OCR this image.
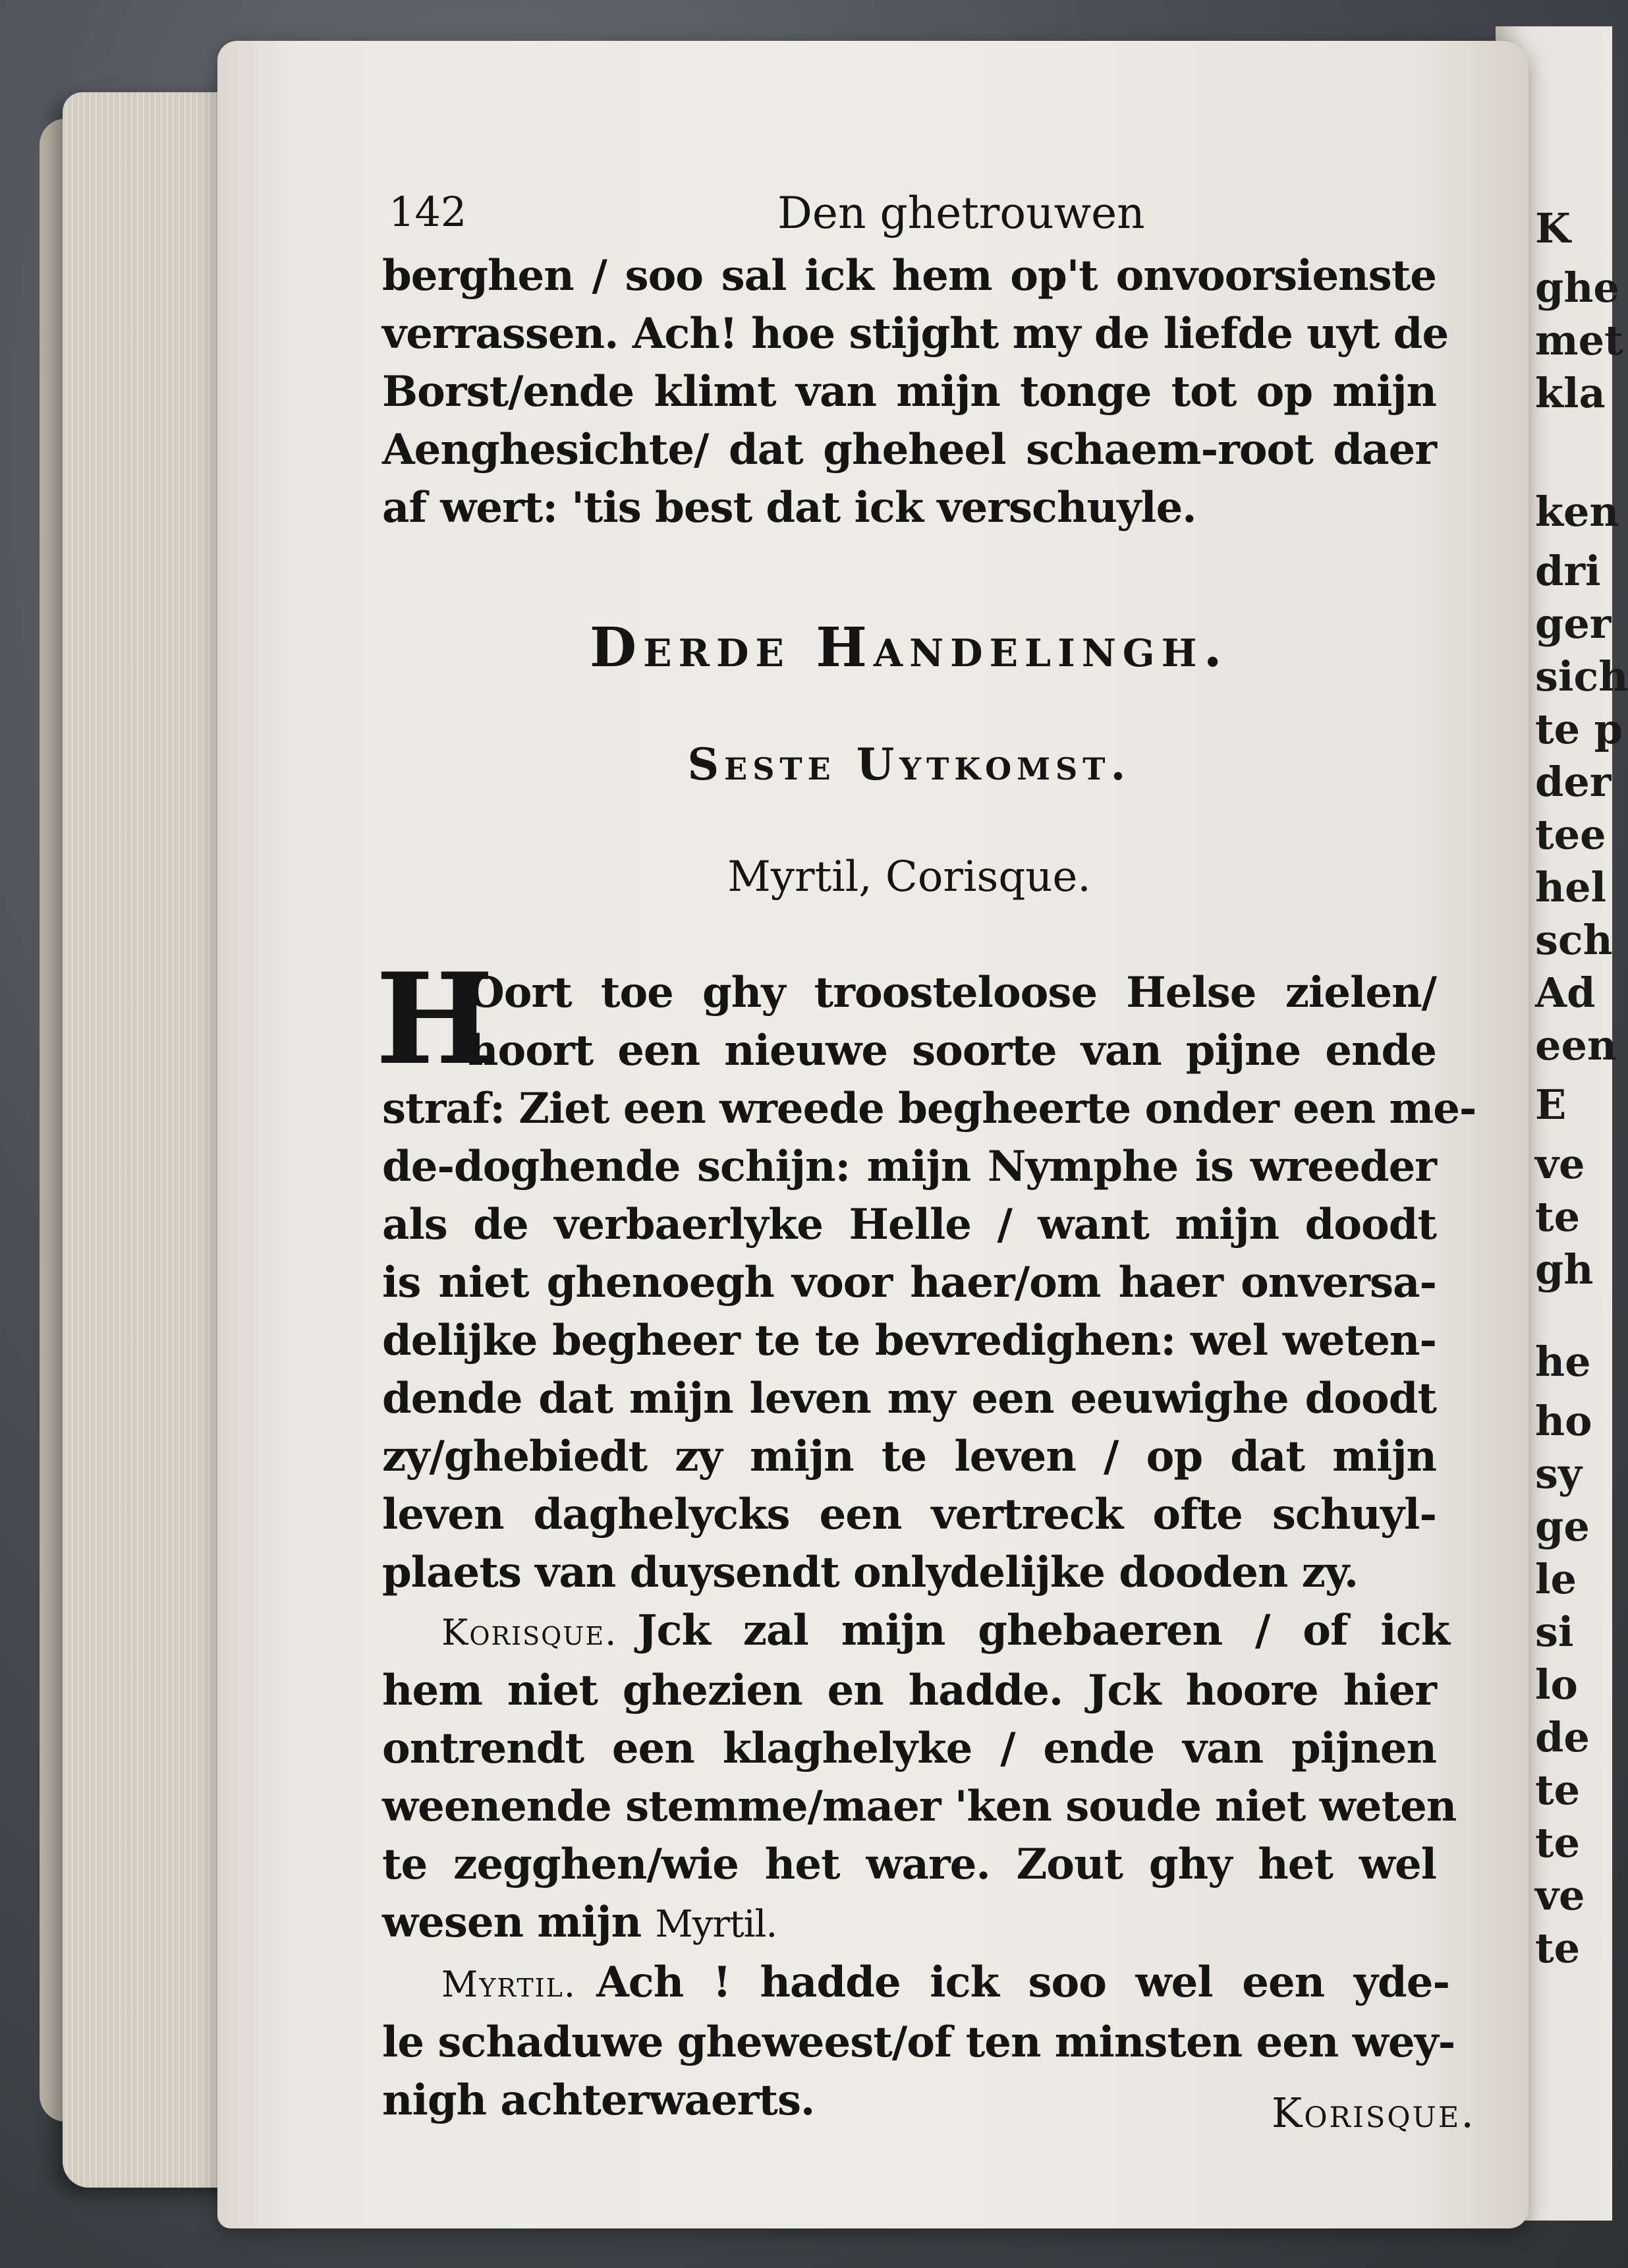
K
ghe
met
kla
ken
dri
ger
sich
te p
der
tee
hel
sch
Ad
een
E
ve
te
gh
he
ho
sy
ge
le
si
lo
de
te
te
ve
te
142	Den ghetrouwen
berghen / soo sal ick hem op't onvoorsienste
verrassen. Ach! hoe stijght my de liefde uyt de
Borst/ende klimt van mijn tonge tot op mijn
Aenghesichte/ dat gheheel schaem-root daer
af wert: 'tis best dat ick verschuyle.
Derde Handelingh.
Seste Uytkomst.
Myrtil, Corisque.
H
Oort toe ghy troosteloose Helse zielen/
hoort een nieuwe soorte van pijne ende
straf: Ziet een wreede begheerte onder een me-
de-doghende schijn: mijn Nymphe is wreeder
als de verbaerlyke Helle / want mijn doodt
is niet ghenoegh voor haer/om haer onversa-
delijke begheer te te bevredighen: wel weten-
dende dat mijn leven my een eeuwighe doodt
zy/ghebiedt zy mijn te leven / op dat mijn
leven daghelycks een vertreck ofte schuyl-
plaets van duysendt onlydelijke dooden zy.
Korisque. Jck zal mijn ghebaeren / of ick
hem niet ghezien en hadde. Jck hoore hier
ontrendt een klaghelyke / ende van pijnen
weenende stemme/maer 'ken soude niet weten
te zegghen/wie het ware. Zout ghy het wel
wesen mijn Myrtil.
Myrtil. Ach ! hadde ick soo wel een yde-
le schaduwe gheweest/of ten minsten een wey-
nigh achterwaerts.	Korisque.
